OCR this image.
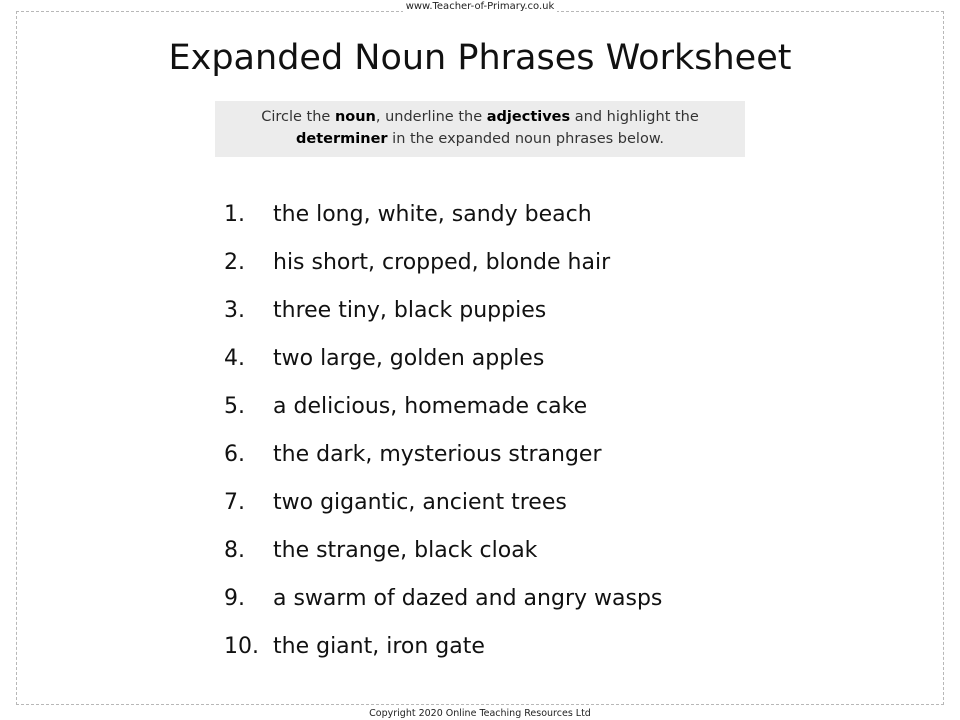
www.Teacher-of-Primary.co.uk
Expanded Noun Phrases Worksheet
Circle the noun, underline the adjectives and highlight the determiner in the expanded noun phrases below.
1.	the long, white, sandy beach
2.	his short, cropped, blonde hair
3.	three tiny, black puppies
4.	two large, golden apples
5.	a delicious, homemade cake
6.	the dark, mysterious stranger
7.	two gigantic, ancient trees
8.	the strange, black cloak
9.	a swarm of dazed and angry wasps
10. the giant, iron gate
Copyright 2020 Online Teaching Resources Ltd
